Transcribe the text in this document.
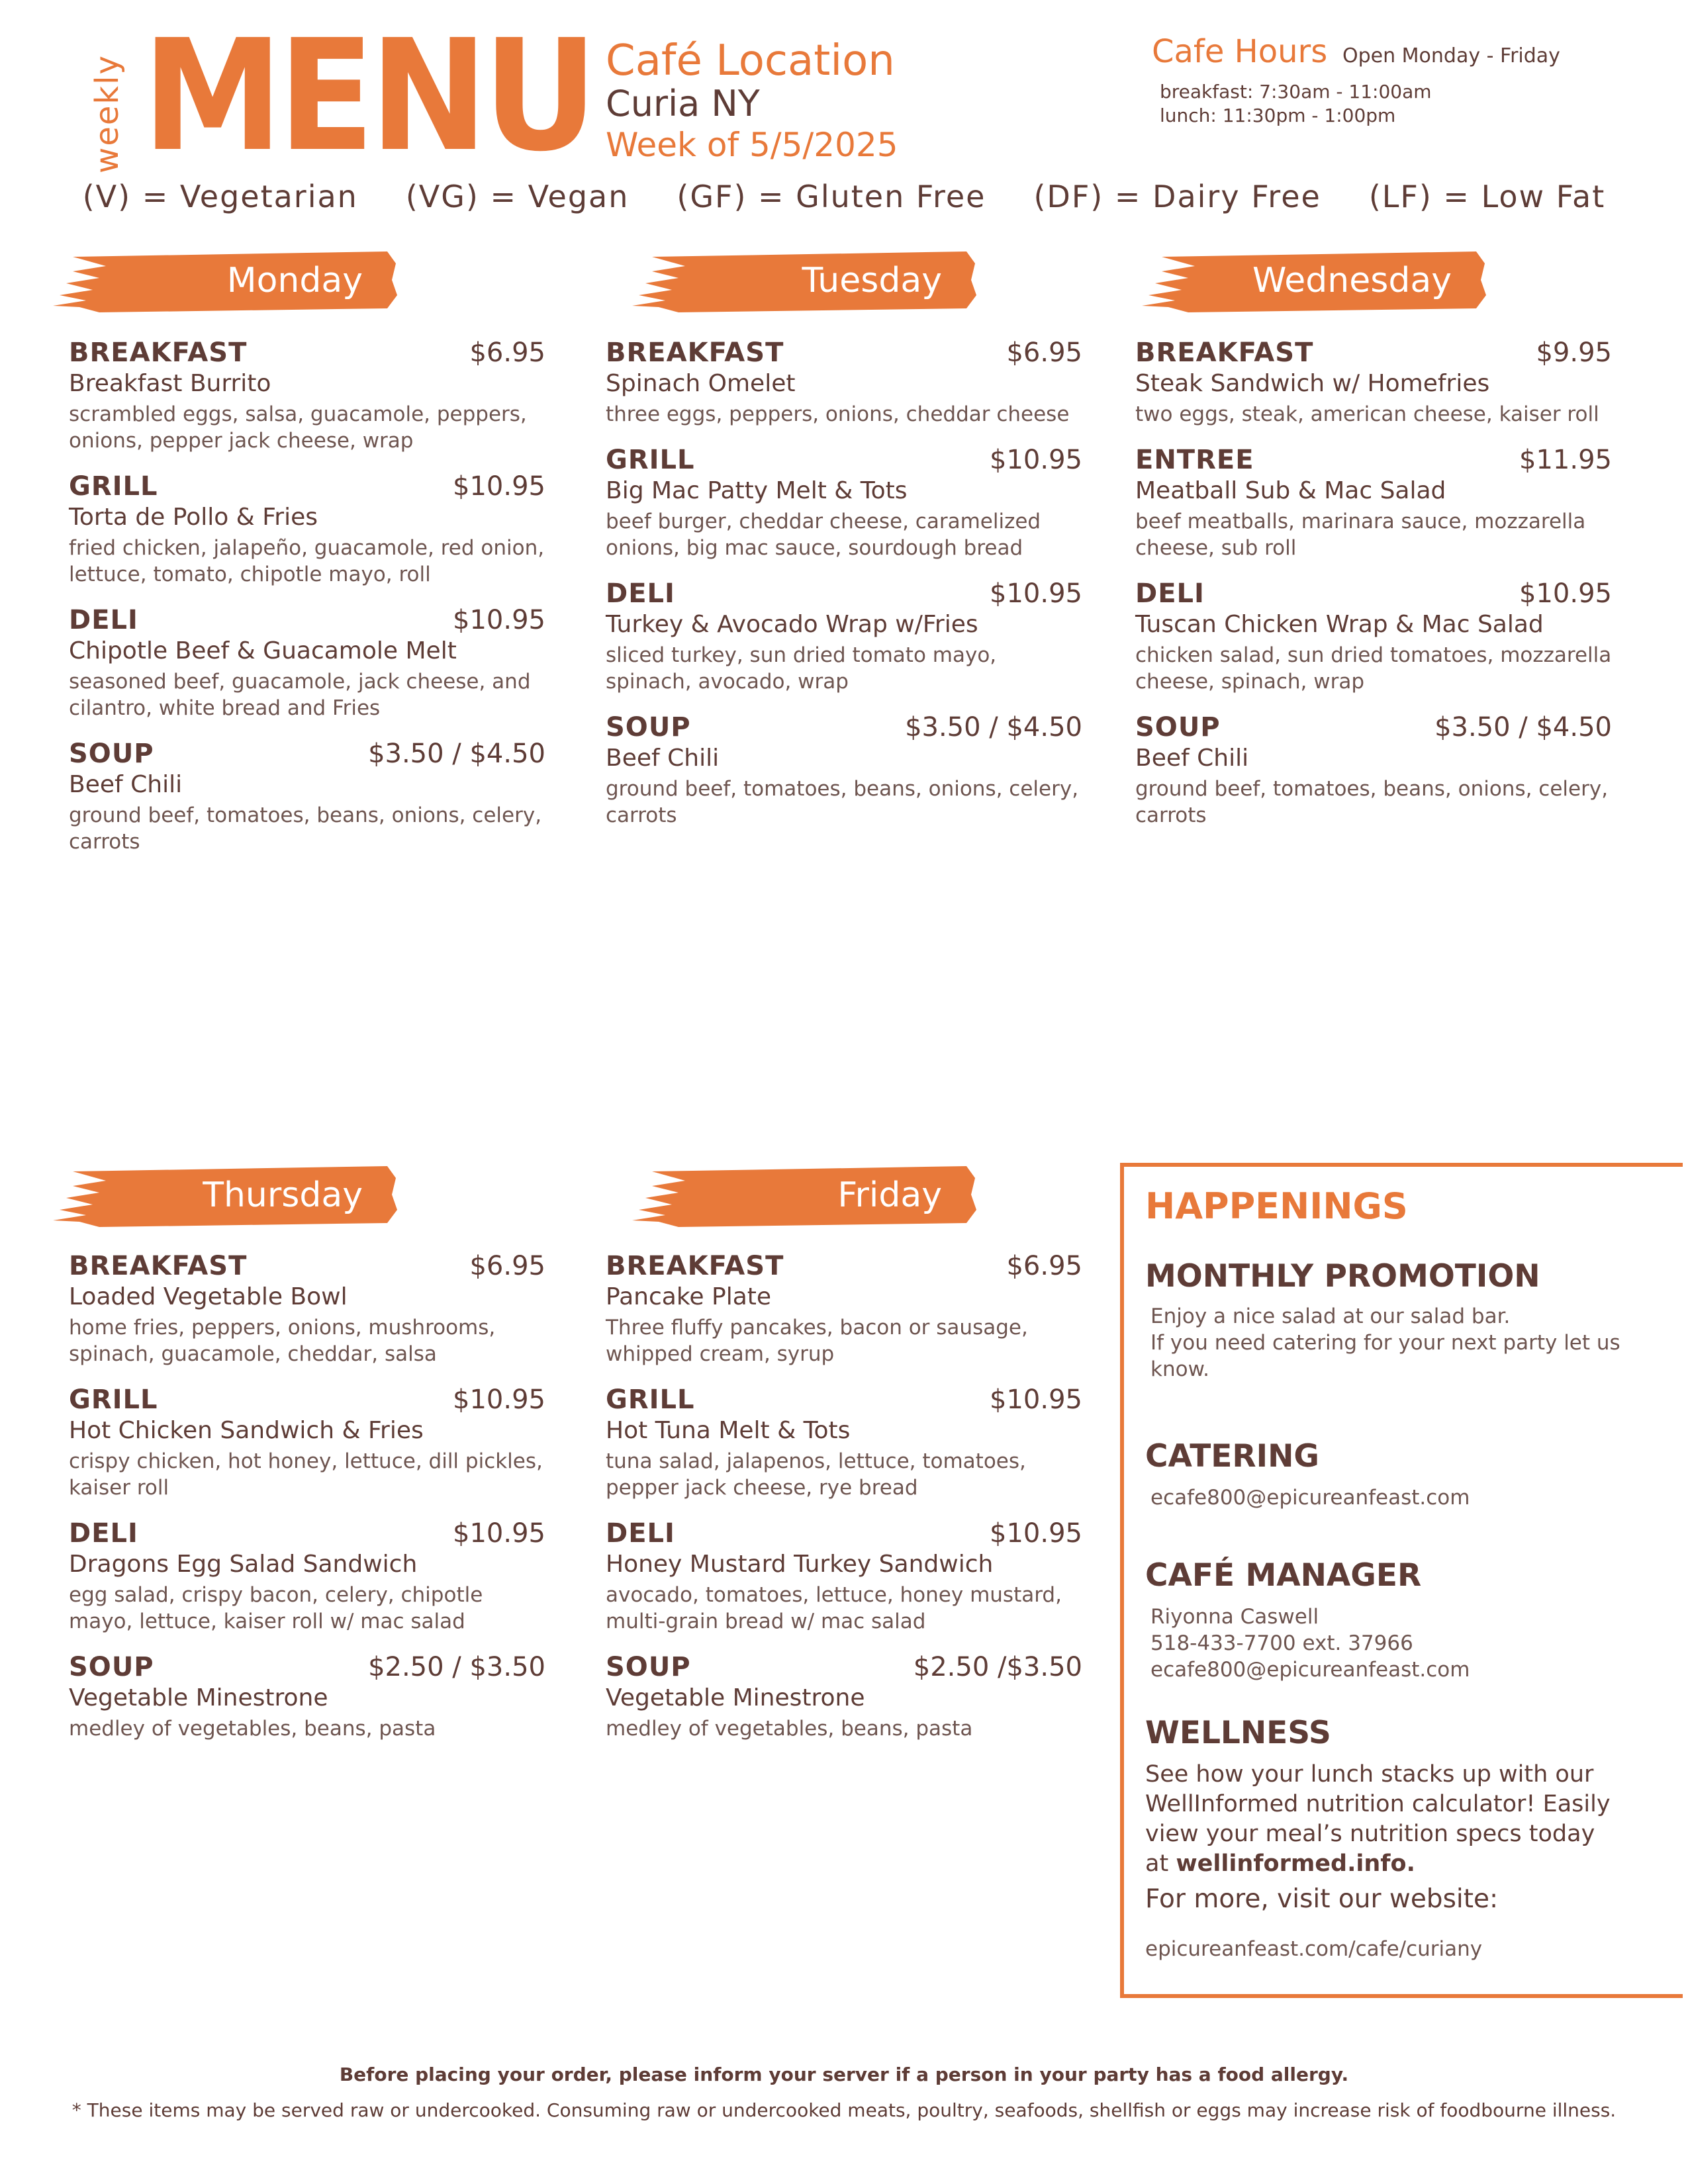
weekly MENU Café Location
Curia NY
Week of 5/5/2025
Cafe Hours Open Monday - Friday
breakfast: 7:30am - 11:00am
lunch: 11:30pm - 1:00pm
(V) = Vegetarian (VG) = Vegan (GF) = Gluten Free (DF) = Dairy Free (LF) = Low Fat
Monday	Tuesday	Wednesday
Thursday	Friday
BREAKFAST	$6.95
Breakfast Burrito
scrambled eggs, salsa, guacamole, peppers, onions, pepper jack cheese, wrap
GRILL	$10.95
Torta de Pollo & Fries
fried chicken, jalapeño, guacamole, red onion, lettuce, tomato, chipotle mayo, roll
DELI	$10.95
Chipotle Beef & Guacamole Melt
seasoned beef, guacamole, jack cheese, and cilantro, white bread and Fries
SOUP	$3.50 / $4.50
Beef Chili
ground beef, tomatoes, beans, onions, celery, carrots
BREAKFAST	$6.95
Spinach Omelet
three eggs, peppers, onions, cheddar cheese
GRILL	$10.95
Big Mac Patty Melt & Tots
beef burger, cheddar cheese, caramelized onions, big mac sauce, sourdough bread
DELI	$10.95
Turkey & Avocado Wrap w/Fries
sliced turkey, sun dried tomato mayo, spinach, avocado, wrap
SOUP	$3.50 / $4.50
Beef Chili
ground beef, tomatoes, beans, onions, celery, carrots
BREAKFAST	$9.95
Steak Sandwich w/ Homefries
two eggs, steak, american cheese, kaiser roll
ENTREE	$11.95
Meatball Sub & Mac Salad
beef meatballs, marinara sauce, mozzarella cheese, sub roll
DELI	$10.95
Tuscan Chicken Wrap & Mac Salad
chicken salad, sun dried tomatoes, mozzarella cheese, spinach, wrap
SOUP	$3.50 / $4.50
Beef Chili
ground beef, tomatoes, beans, onions, celery, carrots
BREAKFAST	$6.95
Loaded Vegetable Bowl
home fries, peppers, onions, mushrooms, spinach, guacamole, cheddar, salsa
GRILL	$10.95
Hot Chicken Sandwich & Fries
crispy chicken, hot honey, lettuce, dill pickles, kaiser roll
DELI	$10.95
Dragons Egg Salad Sandwich
egg salad, crispy bacon, celery, chipotle mayo, lettuce, kaiser roll w/ mac salad
SOUP	$2.50 / $3.50
Vegetable Minestrone
medley of vegetables, beans, pasta
BREAKFAST	$6.95
Pancake Plate
Three fluffy pancakes, bacon or sausage, whipped cream, syrup
GRILL	$10.95
Hot Tuna Melt & Tots
tuna salad, jalapenos, lettuce, tomatoes, pepper jack cheese, rye bread
DELI	$10.95
Honey Mustard Turkey Sandwich
avocado, tomatoes, lettuce, honey mustard, multi-grain bread w/ mac salad
SOUP	$2.50 /$3.50
Vegetable Minestrone
medley of vegetables, beans, pasta
HAPPENINGS
MONTHLY PROMOTION
Enjoy a nice salad at our salad bar.
If you need catering for your next party let us know.
CATERING
ecafe800@epicureanfeast.com
CAFÉ MANAGER
Riyonna Caswell
518-433-7700 ext. 37966
ecafe800@epicureanfeast.com
WELLNESS
See how your lunch stacks up with our WellInformed nutrition calculator! Easily view your meal’s nutrition specs today at wellinformed.info.
For more, visit our website:
epicureanfeast.com/cafe/curiany
Before placing your order, please inform your server if a person in your party has a food allergy.
* These items may be served raw or undercooked. Consuming raw or undercooked meats, poultry, seafoods, shellfish or eggs may increase risk of foodbourne illness.
